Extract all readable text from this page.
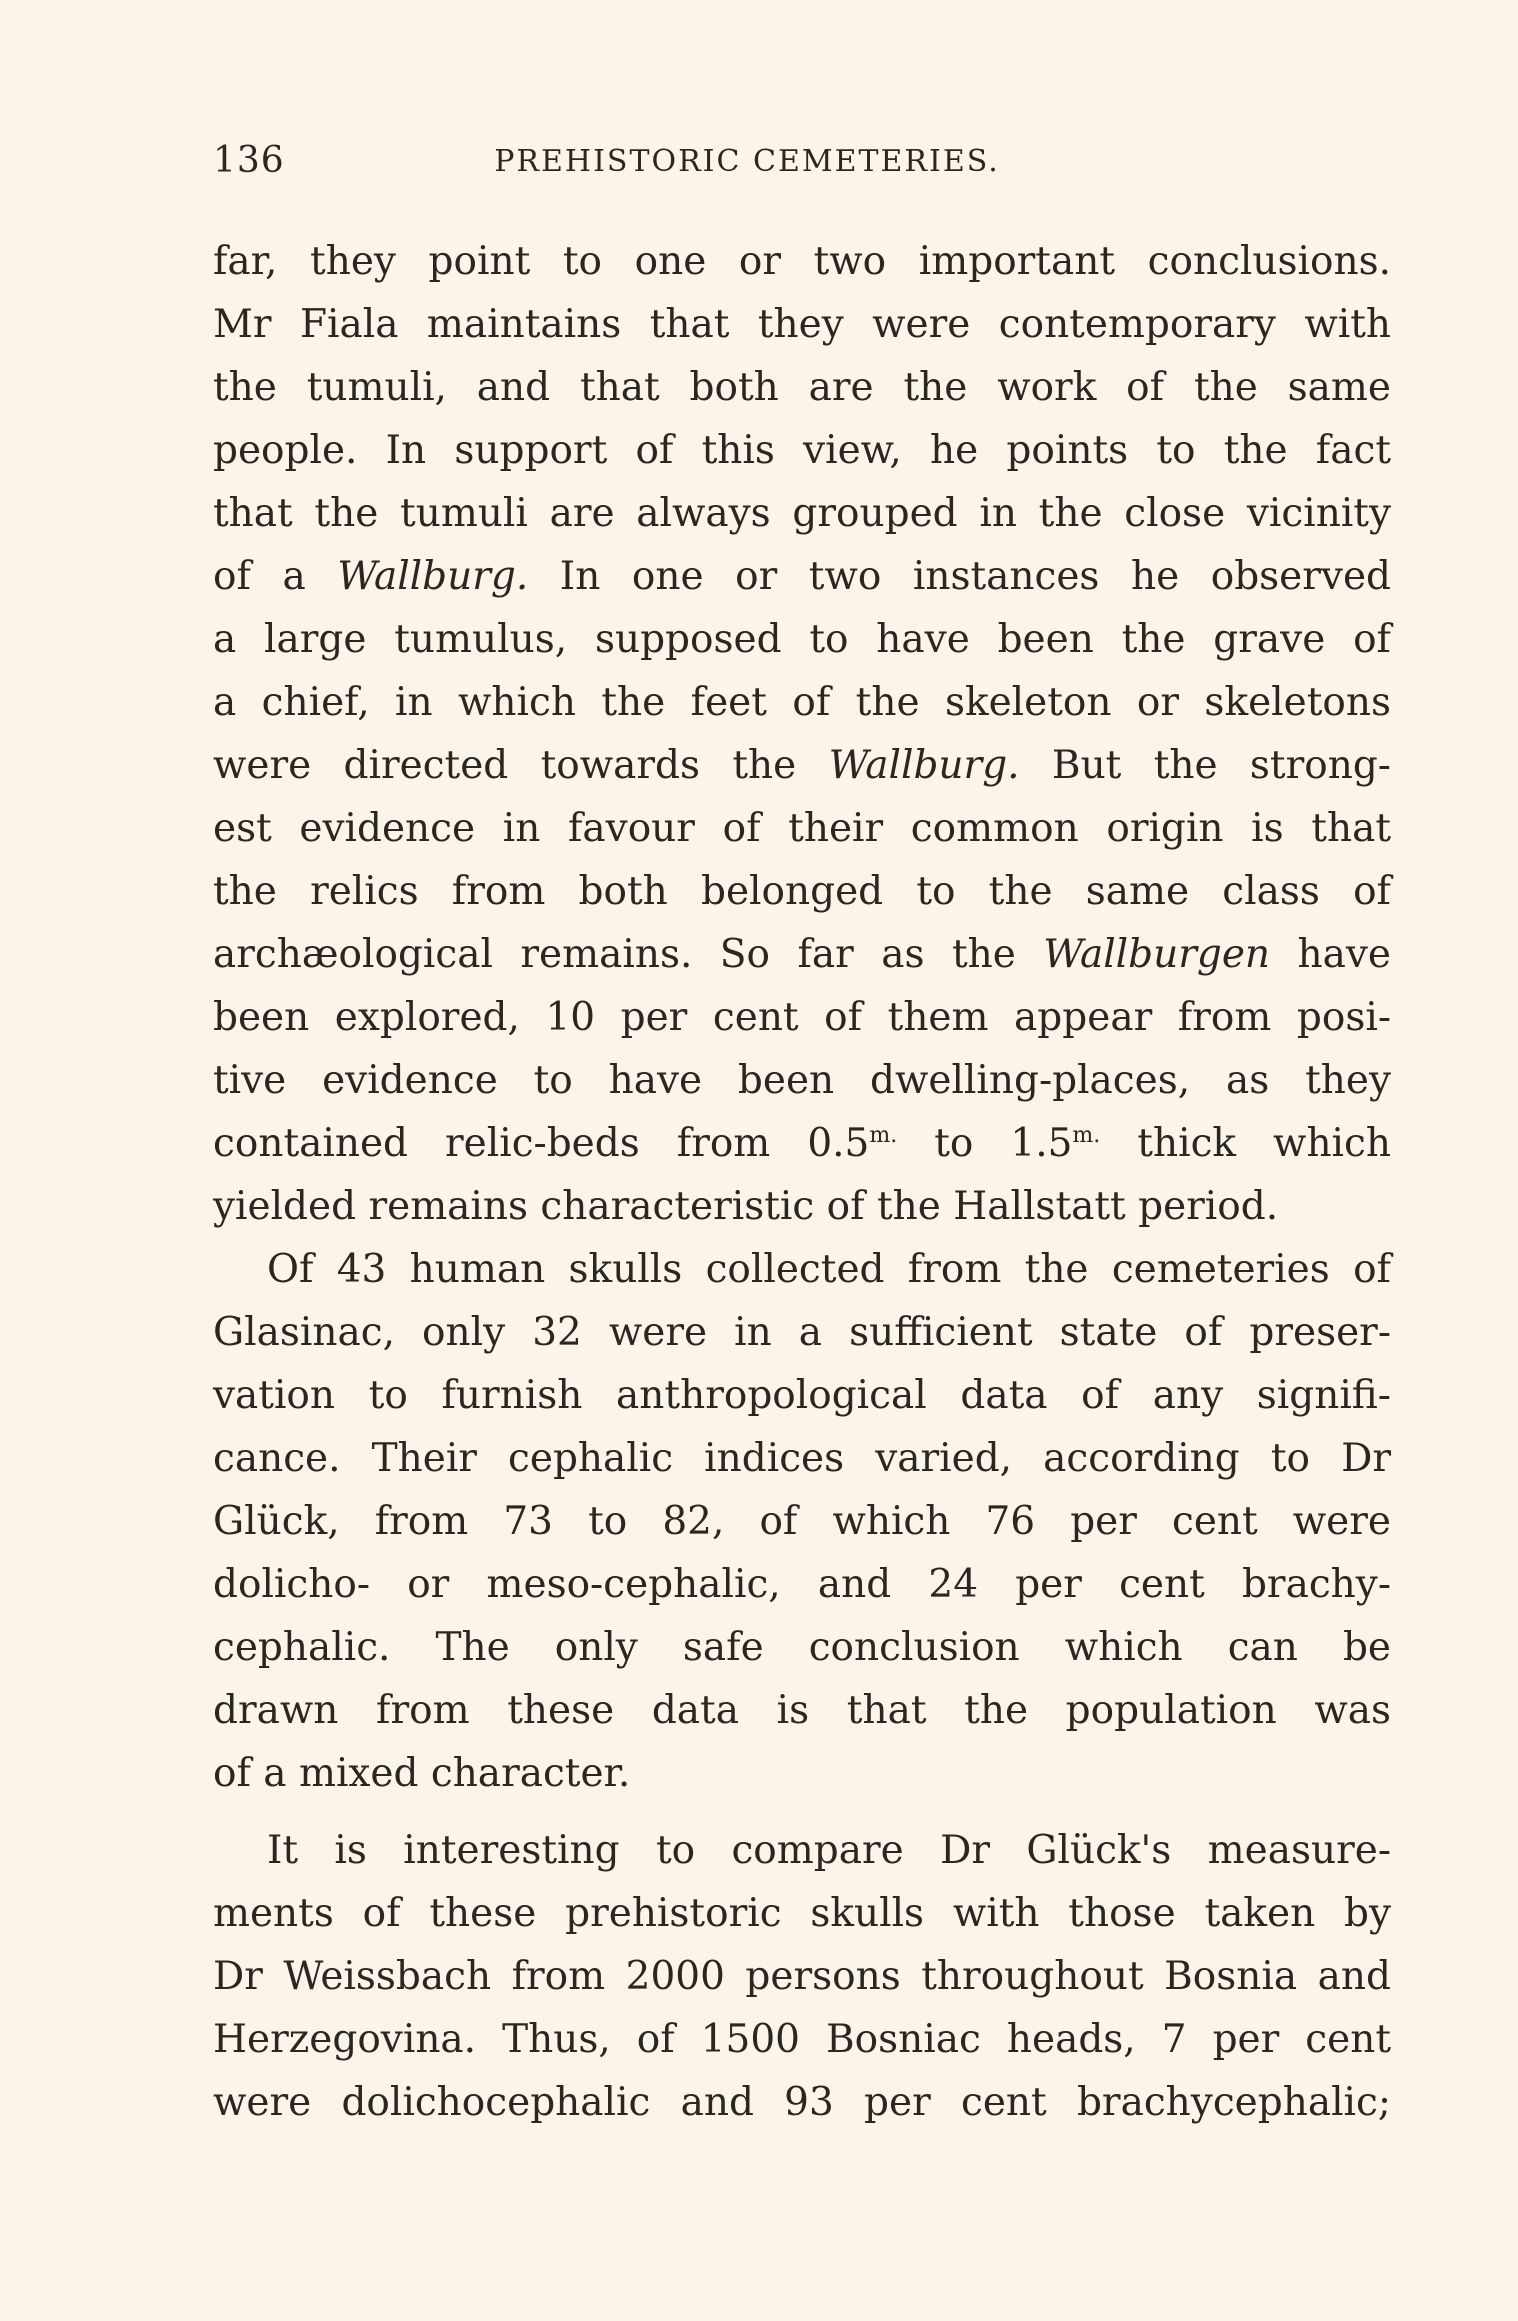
136	PREHISTORIC CEMETERIES.
far, they point to one or two important conclusions.
Mr Fiala maintains that they were contemporary with
the tumuli, and that both are the work of the same
people. In support of this view, he points to the fact
that the tumuli are always grouped in the close vicinity
of a Wallburg. In one or two instances he observed
a large tumulus, supposed to have been the grave of
a chief, in which the feet of the skeleton or skeletons
were directed towards the Wallburg. But the strong-
est evidence in favour of their common origin is that
the relics from both belonged to the same class of
archæological remains. So far as the Wallburgen have
been explored, 10 per cent of them appear from posi-
tive evidence to have been dwelling-places, as they
contained relic-beds from $0.5^{m.}$ to $1.5^{m.}$ thick which
yielded remains characteristic of the Hallstatt period.
Of 43 human skulls collected from the cemeteries of
Glasinac, only 32 were in a sufficient state of preser-
vation to furnish anthropological data of any signifi-
cance. Their cephalic indices varied, according to Dr
Glück, from 73 to 82, of which 76 per cent were
dolicho- or meso-cephalic, and 24 per cent brachy-
cephalic. The only safe conclusion which can be
drawn from these data is that the population was
of a mixed character.
It is interesting to compare Dr Glück's measure-
ments of these prehistoric skulls with those taken by
Dr Weissbach from 2000 persons throughout Bosnia and
Herzegovina. Thus, of 1500 Bosniac heads, 7 per cent
were dolichocephalic and 93 per cent brachycephalic;
